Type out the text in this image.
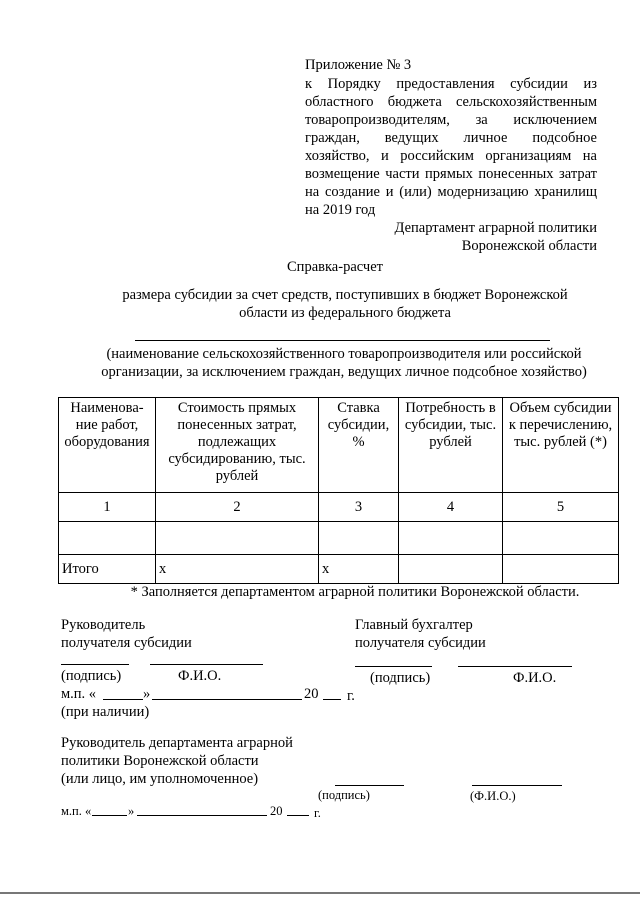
Приложение № 3
к Порядку предоставления субсидии из областного бюджета сельскохозяйственным товаропроизводителям, за исключением граждан, ведущих личное подсобное хозяйство, и российским организациям на возмещение части прямых понесенных затрат на создание и (или) модернизацию хранилищ на 2019 год
Департамент аграрной политики
Воронежской области
Справка-расчет
размера субсидии за счет средств, поступивших в бюджет Воронежской области из федерального бюджета
(наименование сельскохозяйственного товаропроизводителя или российской организации, за исключением граждан, ведущих личное подсобное хозяйство)
Наименова-ние работ, оборудования	Стоимость прямых понесенных затрат, подлежащих субсидированию, тыс. рублей	Ставка субсидии, %	Потребность в субсидии, тыс. рублей	Объем субсидии к перечислению, тыс. рублей (*)
1	2	3	4	5

Итого	x	x		
* Заполняется департаментом аграрной политики Воронежской области.
Руководитель
получателя субсидии
(подпись)	Ф.И.О.
м.п. «	»	20 г.
(при наличии)
Главный бухгалтер
получателя субсидии
(подпись)	Ф.И.О.
Руководитель департамента аграрной
политики Воронежской области
(или лицо, им уполномоченное)
(подпись)	(Ф.И.О.)
м.п. «	»	20	г.
